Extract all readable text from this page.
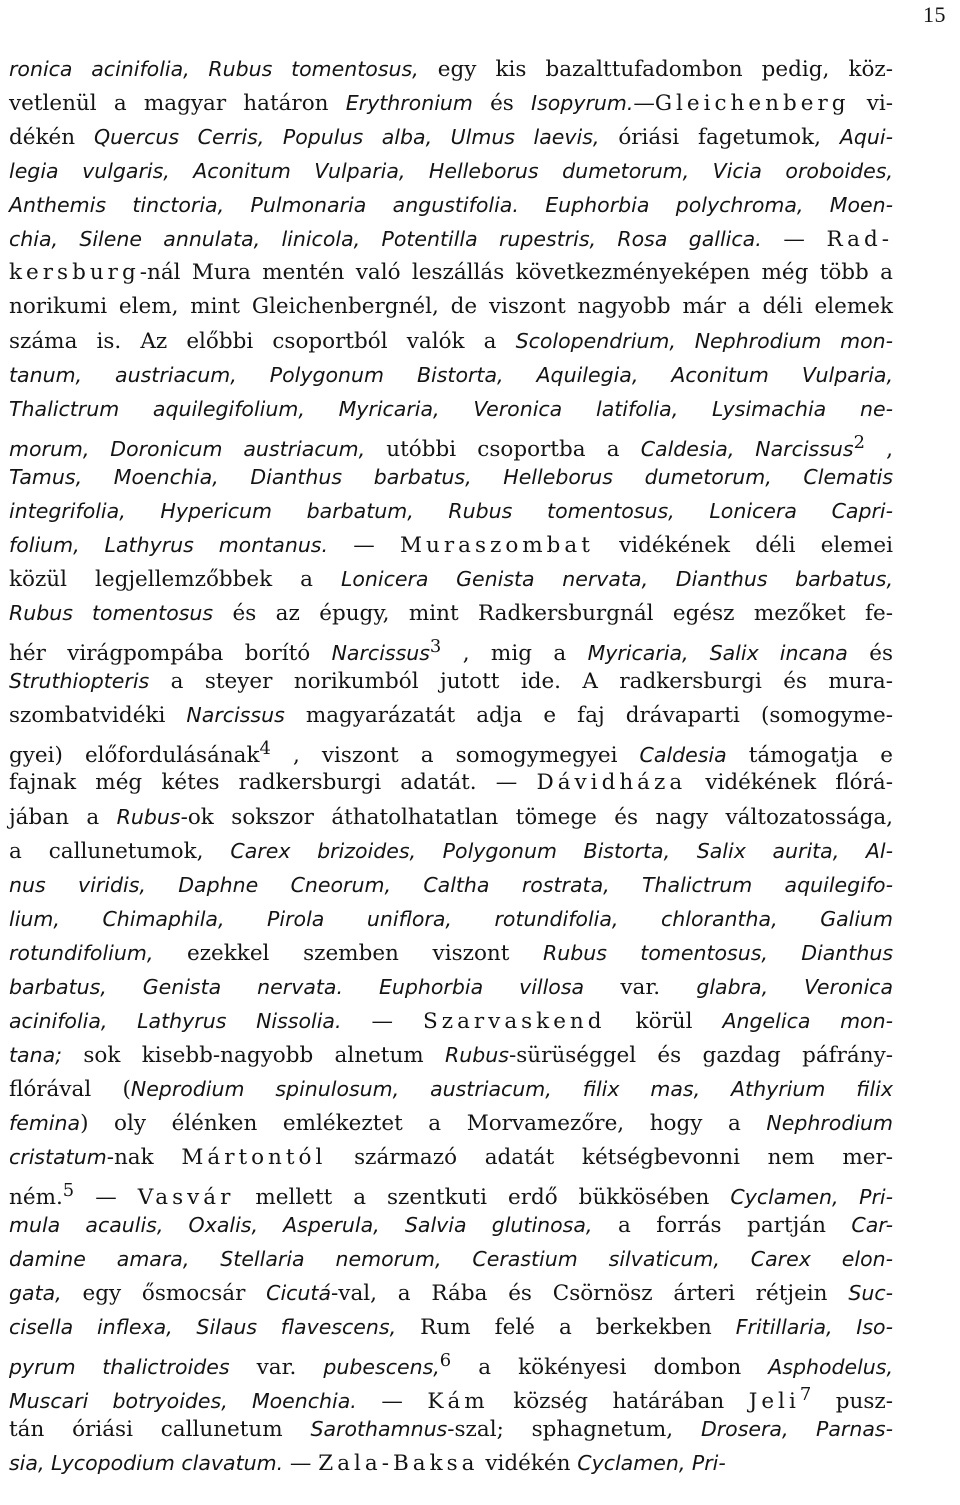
15
ronica acinifolia, Rubus tomentosus, egy kis bazalttufadombon pedig, köz-
vetlenül a magyar határon Erythronium és Isopyrum.—Gleichenberg vi-
dékén Quercus Cerris, Populus alba, Ulmus laevis, óriási fagetumok, Aqui-
legia vulgaris, Aconitum Vulparia, Helleborus dumetorum, Vicia oroboides,
Anthemis tinctoria, Pulmonaria angustifolia. Euphorbia polychroma, Moen-
chia, Silene annulata, linicola, Potentilla rupestris, Rosa gallica. — Rad-
kersburg-nál Mura mentén való leszállás következményeképen még több a
norikumi elem, mint Gleichenbergnél, de viszont nagyobb már a déli elemek
száma is. Az előbbi csoportból valók a Scolopendrium, Nephrodium mon-
tanum, austriacum, Polygonum Bistorta, Aquilegia, Aconitum Vulparia,
Thalictrum aquilegifolium, Myricaria, Veronica latifolia, Lysimachia ne-
morum, Doronicum austriacum, utóbbi csoportba a Caldesia, Narcissus$^2$ ,
Tamus, Moenchia, Dianthus barbatus, Helleborus dumetorum, Clematis
integrifolia, Hypericum barbatum, Rubus tomentosus, Lonicera Capri-
folium, Lathyrus montanus. — Muraszombat vidékének déli elemei
közül legjellemzőbbek a Lonicera Genista nervata, Dianthus barbatus,
Rubus tomentosus és az épugy, mint Radkersburgnál egész mezőket fe-
hér virágpompába borító Narcissus$^3$ , mig a Myricaria, Salix incana és
Struthiopteris a steyer norikumból jutott ide. A radkersburgi és mura-
szombatvidéki Narcissus magyarázatát adja e faj drávaparti (somogyme-
gyei) előfordulásának$^4$ , viszont a somogymegyei Caldesia támogatja e
fajnak még kétes radkersburgi adatát. — Dávidháza vidékének flórá-
jában a Rubus-ok sokszor áthatolhatatlan tömege és nagy változatossága,
a callunetumok, Carex brizoides, Polygonum Bistorta, Salix aurita, Al-
nus viridis, Daphne Cneorum, Caltha rostrata, Thalictrum aquilegifo-
lium, Chimaphila, Pirola uniflora, rotundifolia, chlorantha, Galium
rotundifolium, ezekkel szemben viszont Rubus tomentosus, Dianthus
barbatus, Genista nervata. Euphorbia villosa var. glabra, Veronica
acinifolia, Lathyrus Nissolia. — Szarvaskend körül Angelica mon-
tana; sok kisebb-nagyobb alnetum Rubus-sürüséggel és gazdag páfrány-
flórával (Neprodium spinulosum, austriacum, filix mas, Athyrium filix
femina) oly élénken emlékeztet a Morvamezőre, hogy a Nephrodium
cristatum-nak Mártontól származó adatát kétségbevonni nem mer-
ném.$^5$ — Vasvár mellett a szentkuti erdő bükkösében Cyclamen, Pri-
mula acaulis, Oxalis, Asperula, Salvia glutinosa, a forrás partján Car-
damine amara, Stellaria nemorum, Cerastium silvaticum, Carex elon-
gata, egy ősmocsár Cicutá-val, a Rába és Csörnösz árteri rétjein Suc-
cisella inflexa, Silaus flavescens, Rum felé a berkekben Fritillaria, Iso-
pyrum thalictroides var. pubescens,$^6$ a kökényesi dombon Asphodelus,
Muscari botryoides, Moenchia. — Kám község határában Jeli$^7$ pusz-
tán óriási callunetum Sarothamnus-szal; sphagnetum, Drosera, Parnas-
sia, Lycopodium clavatum. — Zala-Baksa vidékén Cyclamen, Pri-
